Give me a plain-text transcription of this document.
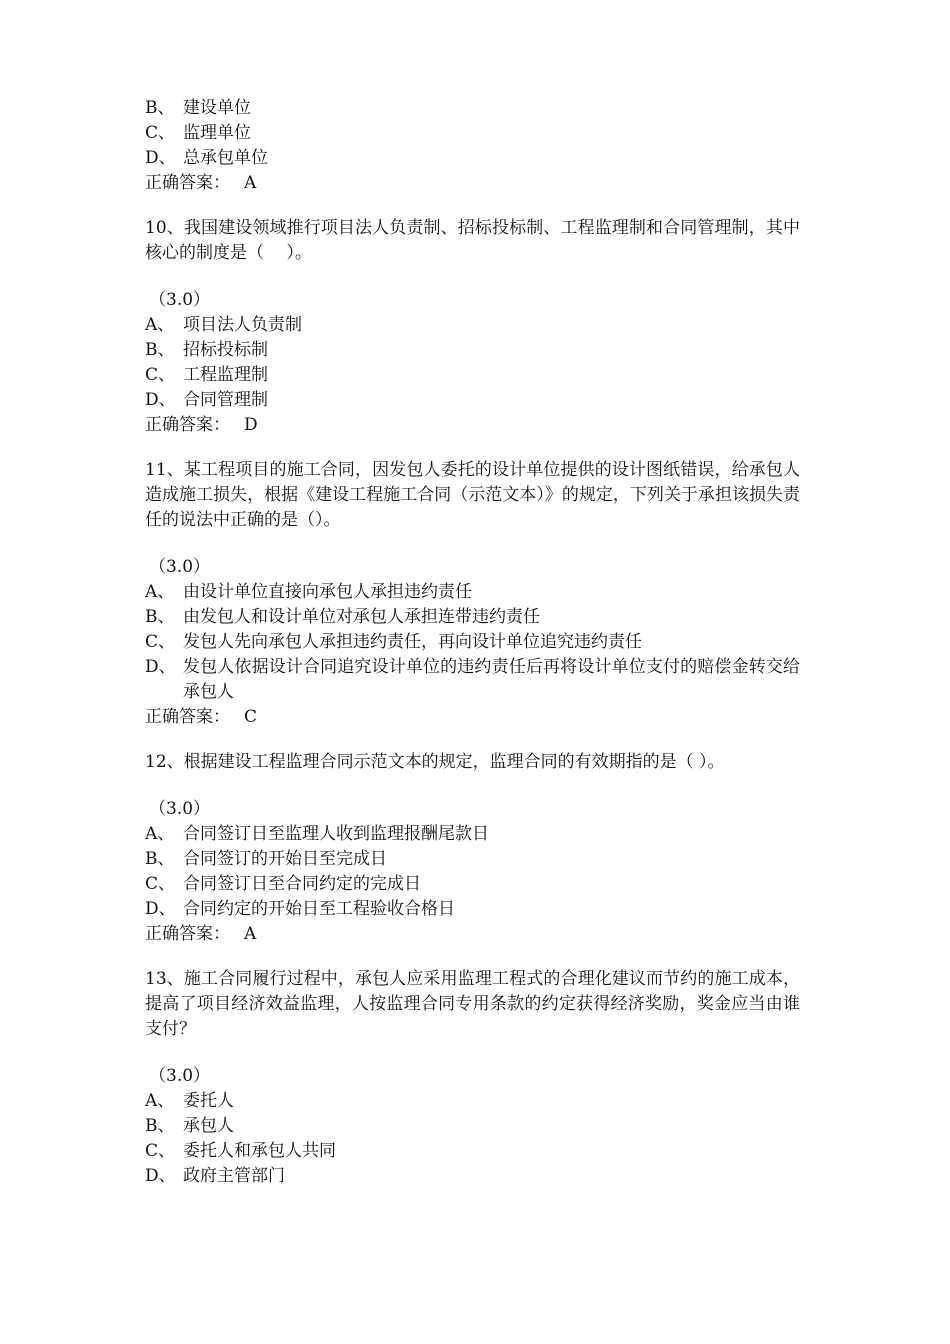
B、 建设单位
C、 监理单位
D、 总承包单位
正确答案： A
10、我国建设领域推行项目法人负责制、招标投标制、工程监理制和合同管理制，其中核心的制度是（　 ）。
（3.0）
A、 项目法人负责制
B、 招标投标制
C、 工程监理制
D、 合同管理制
正确答案： D
11、某工程项目的施工合同，因发包人委托的设计单位提供的设计图纸错误，给承包人造成施工损失，根据《建设工程施工合同（示范文本）》的规定，下列关于承担该损失责任的说法中正确的是（）。
（3.0）
A、 由设计单位直接向承包人承担违约责任
B、 由发包人和设计单位对承包人承担连带违约责任
C、 发包人先向承包人承担违约责任，再向设计单位追究违约责任
D、 发包人依据设计合同追究设计单位的违约责任后再将设计单位支付的赔偿金转交给承包人
正确答案： C
12、根据建设工程监理合同示范文本的规定，监理合同的有效期指的是（ ）。
（3.0）
A、 合同签订日至监理人收到监理报酬尾款日
B、 合同签订的开始日至完成日
C、 合同签订日至合同约定的完成日
D、 合同约定的开始日至工程验收合格日
正确答案： A
13、施工合同履行过程中，承包人应采用监理工程式的合理化建议而节约的施工成本，提高了项目经济效益监理，人按监理合同专用条款的约定获得经济奖励，奖金应当由谁支付？
（3.0）
A、 委托人
B、 承包人
C、 委托人和承包人共同
D、 政府主管部门
